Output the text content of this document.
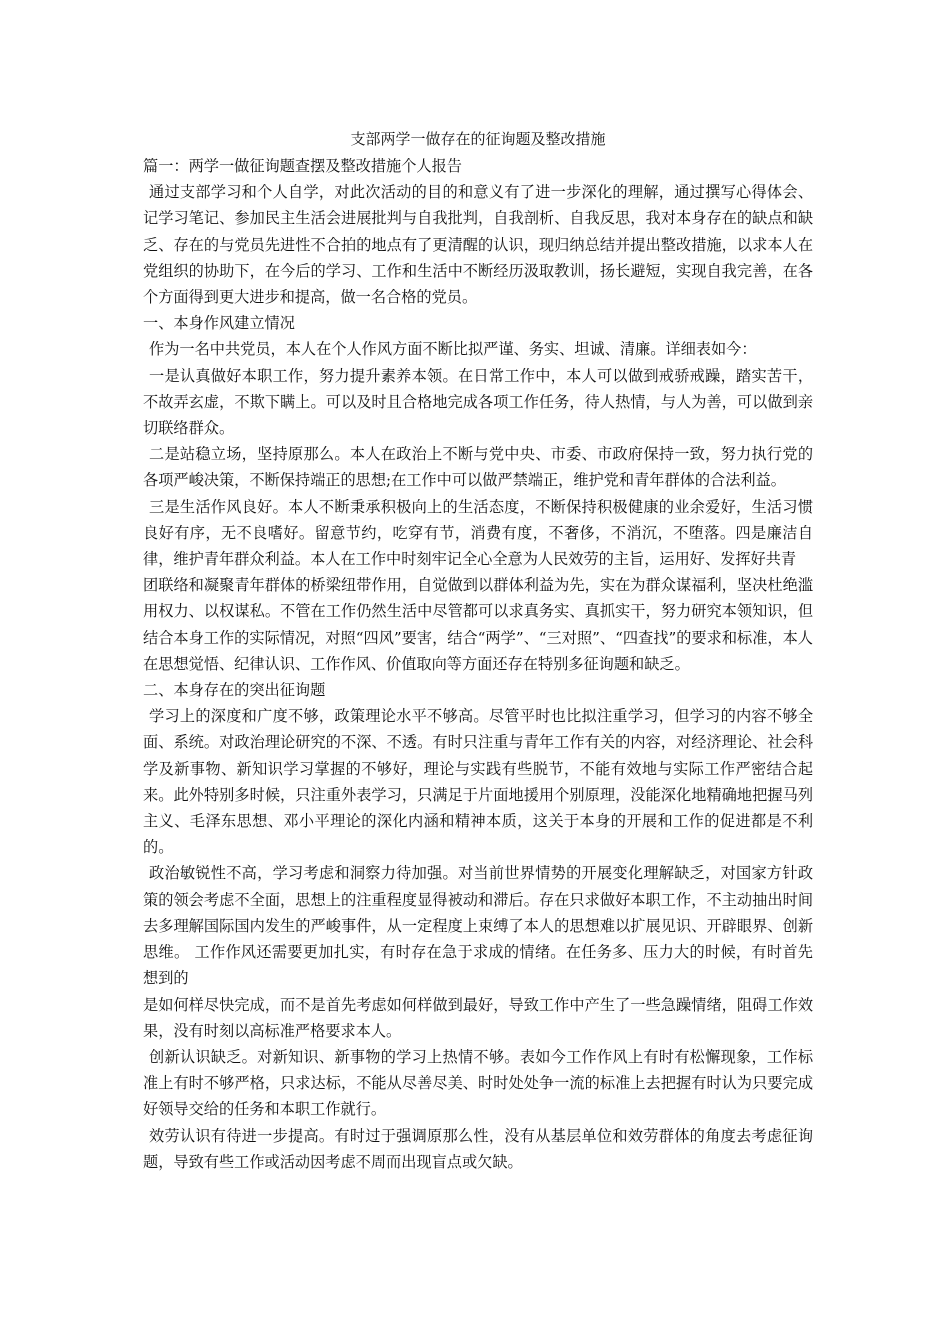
支部两学一做存在的征询题及整改措施

篇一：两学一做征询题查摆及整改措施个人报告

通过支部学习和个人自学，对此次活动的目的和意义有了进一步深化的理解，通过撰写心得体会、记学习笔记、参加民主生活会进展批判与自我批判，自我剖析、自我反思，我对本身存在的缺点和缺乏、存在的与党员先进性不合拍的地点有了更清醒的认识，现归纳总结并提出整改措施，以求本人在党组织的协助下，在今后的学习、工作和生活中不断经历汲取教训，扬长避短，实现自我完善，在各个方面得到更大进步和提高，做一名合格的党员。

一、本身作风建立情况

作为一名中共党员，本人在个人作风方面不断比拟严谨、务实、坦诚、清廉。详细表如今：

一是认真做好本职工作，努力提升素养本领。在日常工作中，本人可以做到戒骄戒躁，踏实苦干，不故弄玄虚，不欺下瞒上。可以及时且合格地完成各项工作任务，待人热情，与人为善，可以做到亲切联络群众。

二是站稳立场，坚持原那么。本人在政治上不断与党中央、市委、市政府保持一致，努力执行党的各项严峻决策，不断保持端正的思想;在工作中可以做严禁端正，维护党和青年群体的合法利益。

三是生活作风良好。本人不断秉承积极向上的生活态度，不断保持积极健康的业余爱好，生活习惯良好有序，无不良嗜好。留意节约，吃穿有节，消费有度，不奢侈，不消沉，不堕落。四是廉洁自律，维护青年群众利益。本人在工作中时刻牢记全心全意为人民效劳的主旨，运用好、发挥好共青

团联络和凝聚青年群体的桥梁纽带作用，自觉做到以群体利益为先，实在为群众谋福利，坚决杜绝滥用权力、以权谋私。不管在工作仍然生活中尽管都可以求真务实、真抓实干，努力研究本领知识，但结合本身工作的实际情况，对照“四风”要害，结合“两学”、“三对照”、“四查找”的要求和标准，本人在思想觉悟、纪律认识、工作作风、价值取向等方面还存在特别多征询题和缺乏。

二、本身存在的突出征询题

学习上的深度和广度不够，政策理论水平不够高。尽管平时也比拟注重学习，但学习的内容不够全面、系统。对政治理论研究的不深、不透。有时只注重与青年工作有关的内容，对经济理论、社会科学及新事物、新知识学习掌握的不够好，理论与实践有些脱节，不能有效地与实际工作严密结合起来。此外特别多时候，只注重外表学习，只满足于片面地援用个别原理，没能深化地精确地把握马列主义、毛泽东思想、邓小平理论的深化内涵和精神本质，这关于本身的开展和工作的促进都是不利的。

政治敏锐性不高，学习考虑和洞察力待加强。对当前世界情势的开展变化理解缺乏，对国家方针政策的领会考虑不全面，思想上的注重程度显得被动和滞后。存在只求做好本职工作，不主动抽出时间去多理解国际国内发生的严峻事件，从一定程度上束缚了本人的思想难以扩展见识、开辟眼界、创新思维。 工作作风还需要更加扎实，有时存在急于求成的情绪。在任务多、压力大的时候，有时首先想到的

是如何样尽快完成，而不是首先考虑如何样做到最好，导致工作中产生了一些急躁情绪，阻碍工作效果，没有时刻以高标准严格要求本人。

创新认识缺乏。对新知识、新事物的学习上热情不够。表如今工作作风上有时有松懈现象，工作标准上有时不够严格，只求达标，不能从尽善尽美、时时处处争一流的标准上去把握有时认为只要完成好领导交给的任务和本职工作就行。

效劳认识有待进一步提高。有时过于强调原那么性，没有从基层单位和效劳群体的角度去考虑征询题，导致有些工作或活动因考虑不周而出现盲点或欠缺。
